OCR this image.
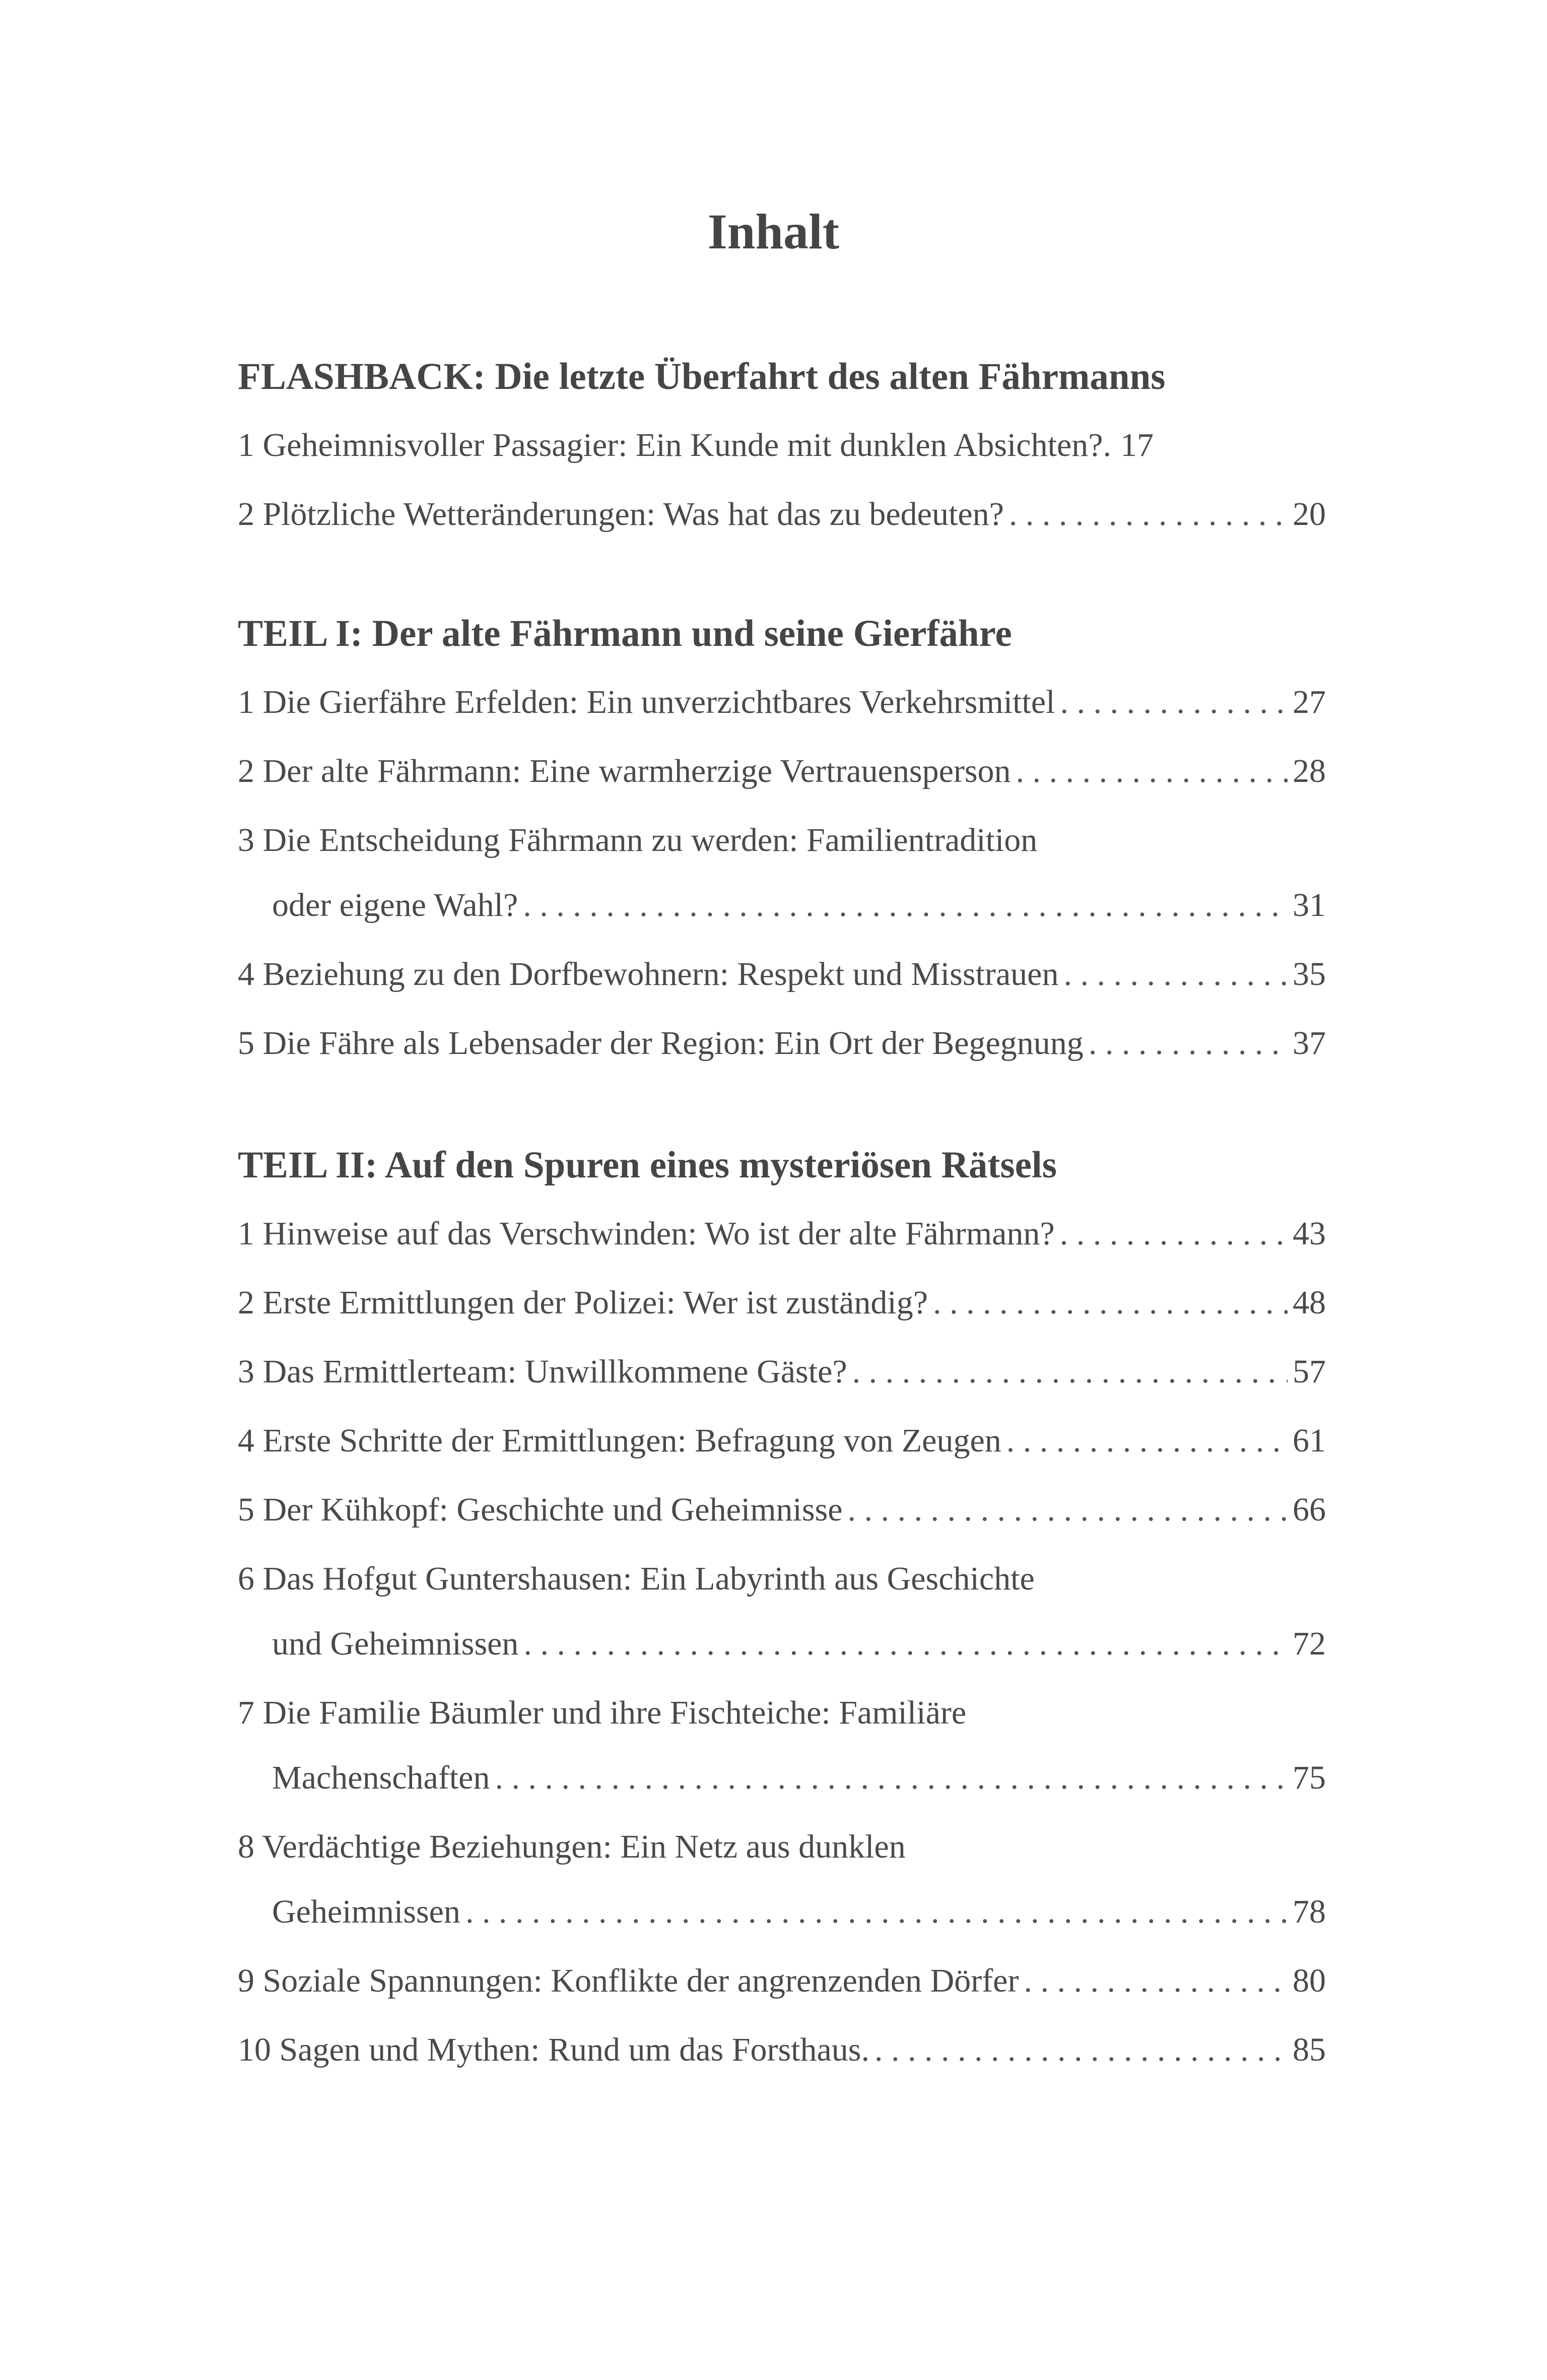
Inhalt
FLASHBACK: Die letzte Überfahrt des alten Fährmanns
1 Geheimnisvoller Passagier: Ein Kunde mit dunklen Absichten?. 17
2 Plötzliche Wetteränderungen: Was hat das zu bedeuten? . . .	20
TEIL I: Der alte Fährmann und seine Gierfähre
1 Die Gierfähre Erfelden: Ein unverzichtbares Verkehrsmittel . . .	27
2 Der alte Fährmann: Eine warmherzige Vertrauensperson . . .	28
3 Die Entscheidung Fährmann zu werden: Familientradition
oder eigene Wahl? . . .	31
4 Beziehung zu den Dorfbewohnern: Respekt und Misstrauen . . .	35
5 Die Fähre als Lebensader der Region: Ein Ort der Begegnung . . .	37
TEIL II: Auf den Spuren eines mysteriösen Rätsels
1 Hinweise auf das Verschwinden: Wo ist der alte Fährmann? . . .	43
2 Erste Ermittlungen der Polizei: Wer ist zuständig? . . .	48
3 Das Ermittlerteam: Unwillkommene Gäste? . . .	57
4 Erste Schritte der Ermittlungen: Befragung von Zeugen . . .	61
5 Der Kühkopf: Geschichte und Geheimnisse . . .	66
6 Das Hofgut Guntershausen: Ein Labyrinth aus Geschichte
und Geheimnissen . . .	72
7 Die Familie Bäumler und ihre Fischteiche: Familiäre
Machenschaften . . .	75
8 Verdächtige Beziehungen: Ein Netz aus dunklen
Geheimnissen . . .	78
9 Soziale Spannungen: Konflikte der angrenzenden Dörfer . . .	80
10 Sagen und Mythen: Rund um das Forsthaus. . . .	85
